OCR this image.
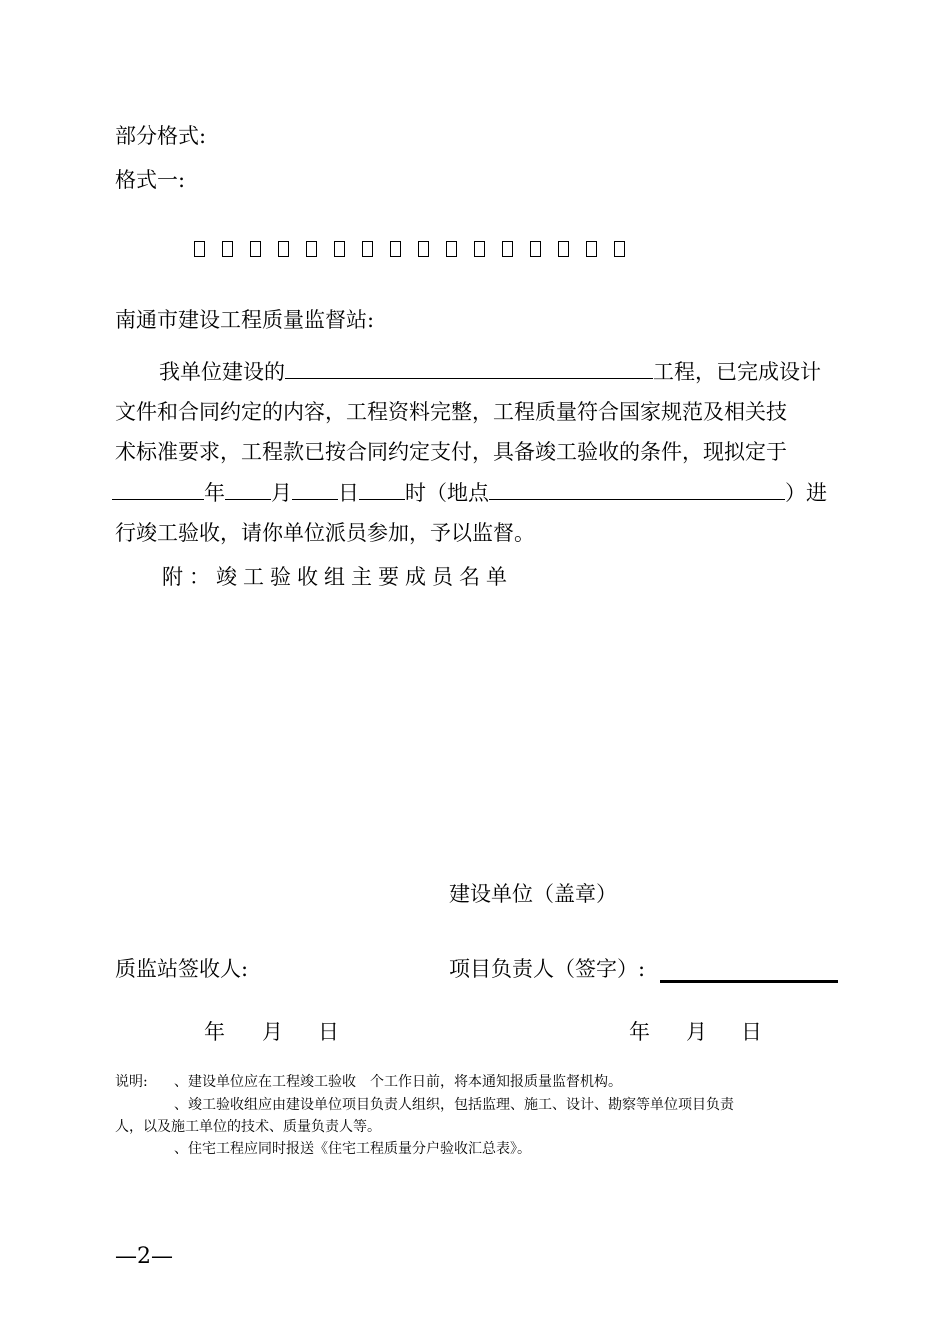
部分格式:
格式一:
南通市建设工程质量监督站:
我单位建设的	工程，已完成设计
文件和合同约定的内容，工程资料完整，工程质量符合国家规范及相关技
术标准要求，工程款已按合同约定支付，具备竣工验收的条件，现拟定于
年 月 日 时（地点	）进
行竣工验收，请你单位派员参加，予以监督。
附：竣工验收组主要成员名单
建设单位（盖章）
质监站签收人:	项目负责人（签字）:
年 月 日	年 月 日
说明: 、建设单位应在工程竣工验收　个工作日前，将本通知报质量监督机构。
、竣工验收组应由建设单位项目负责人组织，包括监理、施工、设计、勘察等单位项目负责
人，以及施工单位的技术、质量负责人等。
、住宅工程应同时报送《住宅工程质量分户验收汇总表》。
—2—
